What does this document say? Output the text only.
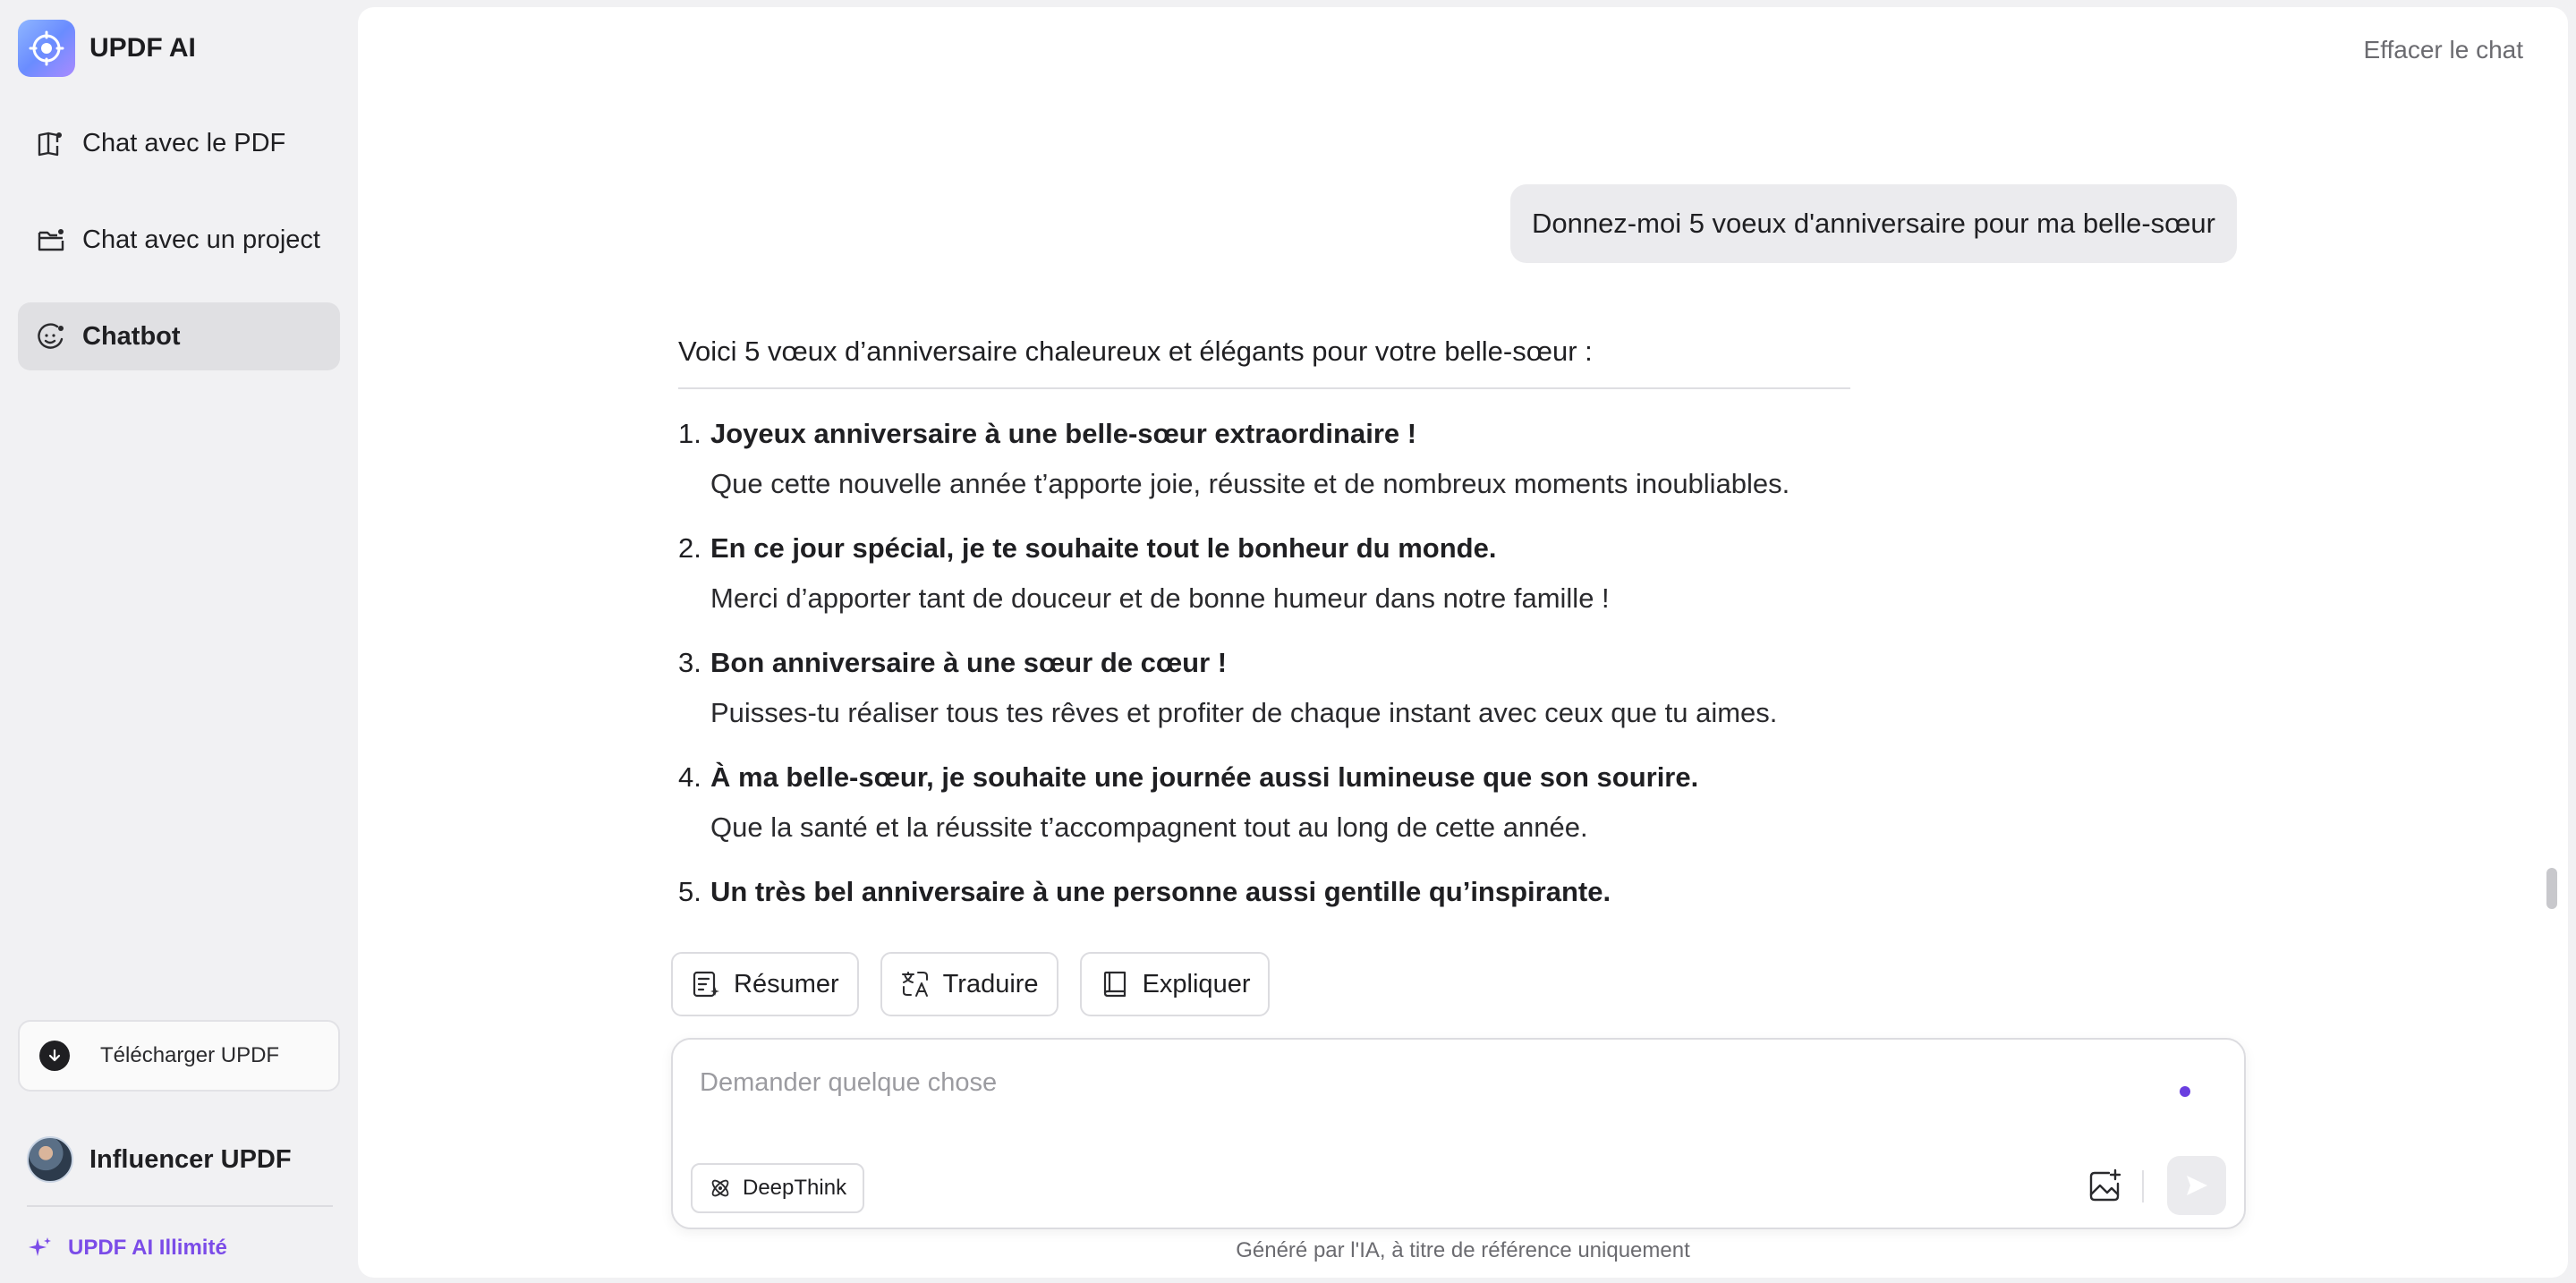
UPDF AI
Chat avec le PDF
Chat avec un project
Chatbot
Télécharger UPDF
Influencer UPDF
UPDF AI Illimité
Effacer le chat
Donnez-moi 5 voeux d'anniversaire pour ma belle-sœur

Voici 5 vœux d’anniversaire chaleureux et élégants pour votre belle-sœur :

1. Joyeux anniversaire à une belle-sœur extraordinaire !
Que cette nouvelle année t’apporte joie, réussite et de nombreux moments inoubliables.
2. En ce jour spécial, je te souhaite tout le bonheur du monde.
Merci d’apporter tant de douceur et de bonne humeur dans notre famille !
3. Bon anniversaire à une sœur de cœur !
Puisses-tu réaliser tous tes rêves et profiter de chaque instant avec ceux que tu aimes.
4. À ma belle-sœur, je souhaite une journée aussi lumineuse que son sourire.
Que la santé et la réussite t’accompagnent tout au long de cette année.
5. Un très bel anniversaire à une personne aussi gentille qu’inspirante.
Résumer	Traduire	Expliquer
Demander quelque chose
DeepThink
Généré par l'IA, à titre de référence uniquement
